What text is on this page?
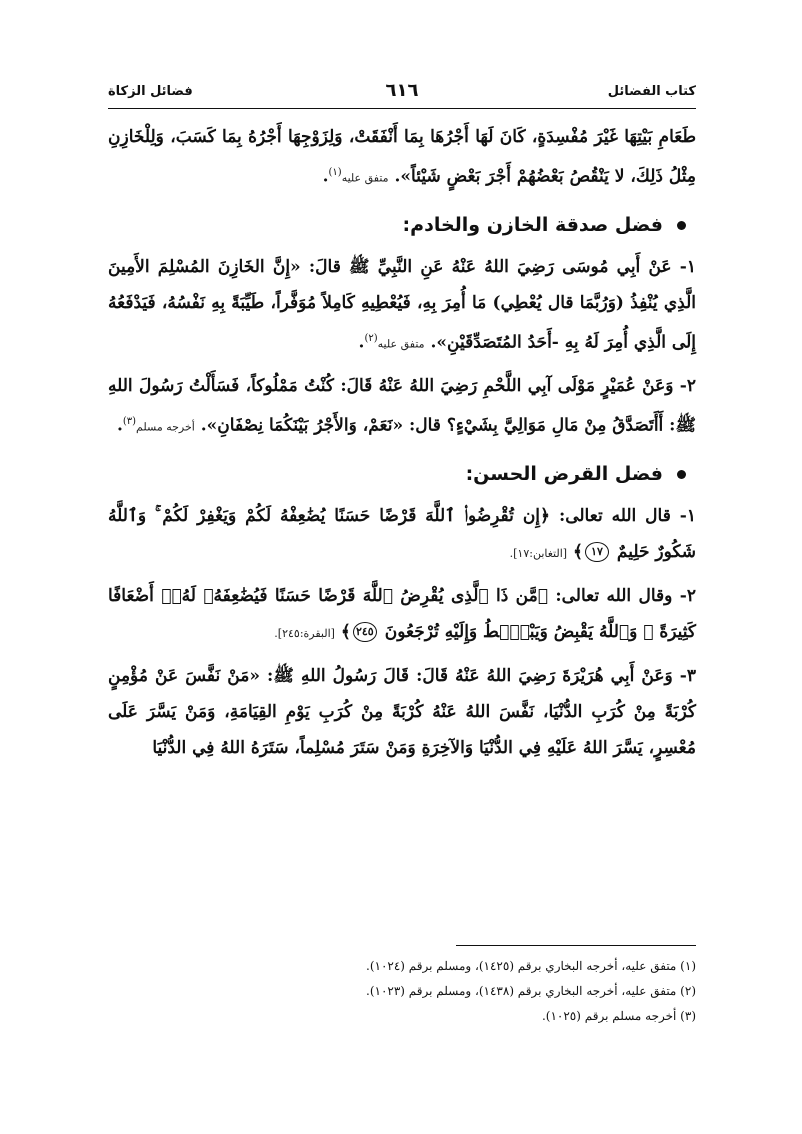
كتاب الفضائل
٦١٦
فضائل الزكاة

طَعَامِ بَيْتِهَا غَيْرَ مُفْسِدَةٍ، كَانَ لَهَا أَجْرُهَا بِمَا أَنْفَقَتْ، وَلِزَوْجِهَا أَجْرُهُ بِمَا كَسَبَ، وَلِلْخَازِنِ مِثْلُ ذَلِكَ، لا يَنْقُصُ بَعْضُهُمْ أَجْرَ بَعْضٍ شَيْئاً». متفق عليه$^{(١)}$.

فضل صدقة الخازن والخادم:

١- عَنْ أَبِي مُوسَى رَضِيَ اللهُ عَنْهُ عَنِ النَّبِيِّ ﷺ قالَ: «إِنَّ الخَازِنَ المُسْلِمَ الأَمِينَ الَّذِي يُنْفِذُ (وَرُبَّمَا قال يُعْطِي) مَا أُمِرَ بِهِ، فَيُعْطِيهِ كَامِلاً مُوَفَّراً، طَيِّبَةً بِهِ نَفْسُهُ، فَيَدْفَعُهُ إِلَى الَّذِي أُمِرَ لَهُ بِهِ -أَحَدُ المُتَصَدِّقَيْنِ». متفق عليه$^{(٢)}$.

٢- وَعَنْ عُمَيْرٍ مَوْلَى آبِي اللَّحْمِ رَضِيَ اللهُ عَنْهُ قَالَ: كُنْتُ مَمْلُوكاً، فَسَأَلْتُ رَسُولَ اللهِ ﷺ: أَأَتَصَدَّقُ مِنْ مَالِ مَوَالِيَّ بِشَيْءٍ؟ قال: «نَعَمْ، وَالأَجْرُ بَيْنَكُمَا نِصْفَانِ». أخرجه مسلم$^{(٣)}$.

فضل القرض الحسن:

١- قال الله تعالى: ﴿إِن تُقْرِضُوا۟ ٱللَّهَ قَرْضًا حَسَنًا يُضَٰعِفْهُ لَكُمْ وَيَغْفِرْ لَكُمْ ۚ وَٱللَّهُ شَكُورٌ حَلِيمٌ ١٧﴾ [التغابن:١٧].

٢- وقال الله تعالى: ﴿مَّن ذَا ٱلَّذِى يُقْرِضُ ٱللَّهَ قَرْضًا حَسَنًا فَيُضَٰعِفَهُۥ لَهُۥٓ أَضْعَافًا كَثِيرَةً ۚ وَٱللَّهُ يَقْبِضُ وَيَبْصُۜطُ وَإِلَيْهِ تُرْجَعُونَ ٢٤٥﴾ [البقرة:٢٤٥].

٣- وَعَنْ أَبِي هُرَيْرَةَ رَضِيَ اللهُ عَنْهُ قَالَ: قَالَ رَسُولُ اللهِ ﷺ: «مَنْ نَفَّسَ عَنْ مُؤْمِنٍ كُرْبَةً مِنْ كُرَبِ الدُّنْيَا، نَفَّسَ اللهُ عَنْهُ كُرْبَةً مِنْ كُرَبِ يَوْمِ القِيَامَةِ، وَمَنْ يَسَّرَ عَلَى مُعْسِرٍ، يَسَّرَ اللهُ عَلَيْهِ فِي الدُّنْيَا وَالآخِرَةِ وَمَنْ سَتَرَ مُسْلِماً، سَتَرَهُ اللهُ فِي الدُّنْيَا

(١) متفق عليه، أخرجه البخاري برقم (١٤٢٥)، ومسلم برقم (١٠٢٤).
(٢) متفق عليه، أخرجه البخاري برقم (١٤٣٨)، ومسلم برقم (١٠٢٣).
(٣) أخرجه مسلم برقم (١٠٢٥).
